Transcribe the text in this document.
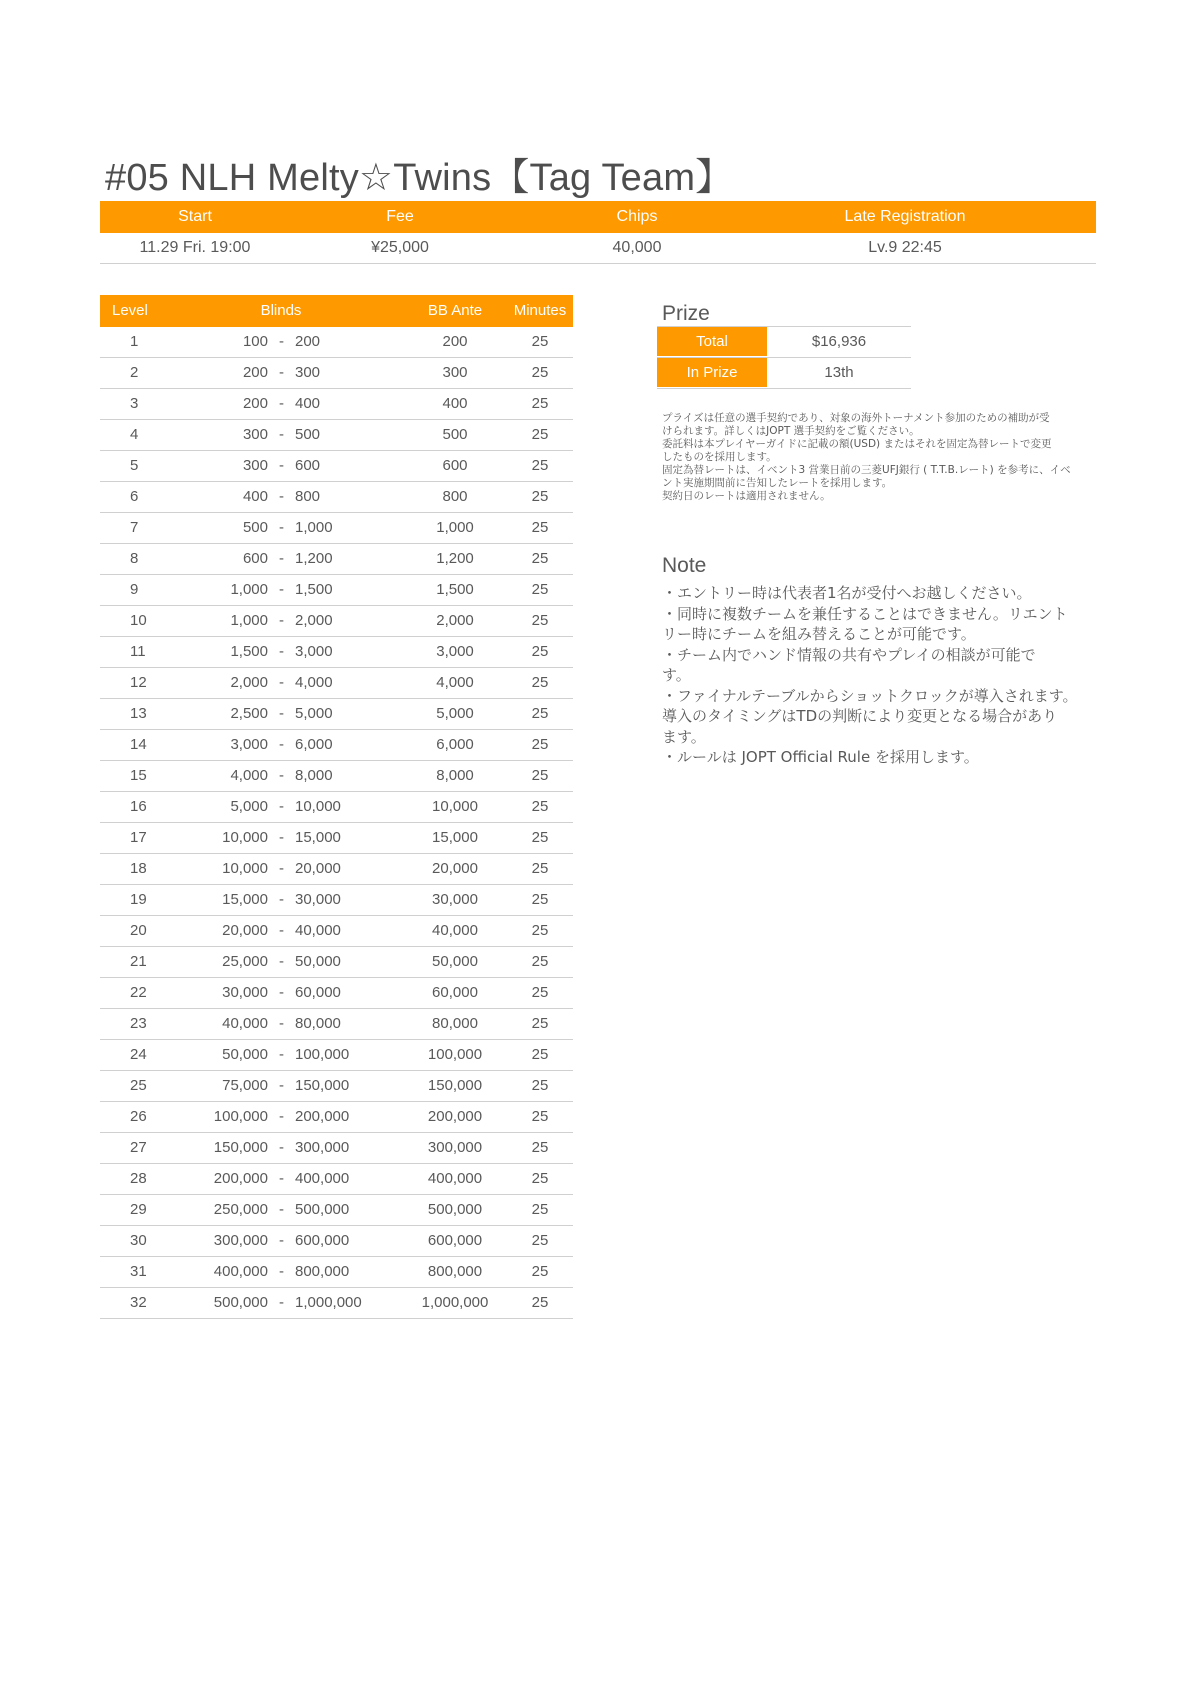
#05 NLH Melty☆Twins【Tag Team】
Start	Fee	Chips	Late Registration
11.29 Fri. 19:00	¥25,000	40,000	Lv.9 22:45
Level	Blinds	BB Ante Minutes
1	100 - 200	200	25
2	200 - 300	300	25
3	200 - 400	400	25
4	300 - 500	500	25
5	300 - 600	600	25
6	400 - 800	800	25
7	500 - 1,000	1,000	25
8	600 - 1,200	1,200	25
9	1,000 - 1,500	1,500	25
10	1,000 - 2,000	2,000	25
11	1,500 - 3,000	3,000	25
12	2,000 - 4,000	4,000	25
13	2,500 - 5,000	5,000	25
14	3,000 - 6,000	6,000	25
15	4,000 - 8,000	8,000	25
16	5,000 - 10,000	10,000	25
17	10,000 - 15,000	15,000	25
18	10,000 - 20,000	20,000	25
19	15,000 - 30,000	30,000	25
20	20,000 - 40,000	40,000	25
21	25,000 - 50,000	50,000	25
22	30,000 - 60,000	60,000	25
23	40,000 - 80,000	80,000	25
24	50,000 - 100,000	100,000	25
25	75,000 - 150,000	150,000	25
26	100,000 - 200,000	200,000	25
27	150,000 - 300,000	300,000	25
28	200,000 - 400,000	400,000	25
29	250,000 - 500,000	500,000	25
30	300,000 - 600,000	600,000	25
31	400,000 - 800,000	800,000	25
32	500,000 - 1,000,000	1,000,000	25
Prize
Total	$16,936
In Prize	13th
プライズは任意の選手契約であり、対象の海外トーナメント参加のための補助が受
けられます。詳しくはJOPT 選手契約をご覧ください。
委託料は本プレイヤーガイドに記載の額(USD) またはそれを固定為替レートで変更
したものを採用します。
固定為替レートは、イベント3 営業日前の三菱UFJ銀行 ( T.T.B.レート) を参考に、イベ
ント実施期間前に告知したレートを採用します。
契約日のレートは適用されません。
Note
・エントリー時は代表者1名が受付へお越しください。
・同時に複数チームを兼任することはできません。リエント
リー時にチームを組み替えることが可能です。
・チーム内でハンド情報の共有やプレイの相談が可能で
す。
・ファイナルテーブルからショットクロックが導入されます。
導入のタイミングはTDの判断により変更となる場合があり
ます。
・ルールは JOPT Official Rule を採用します。
